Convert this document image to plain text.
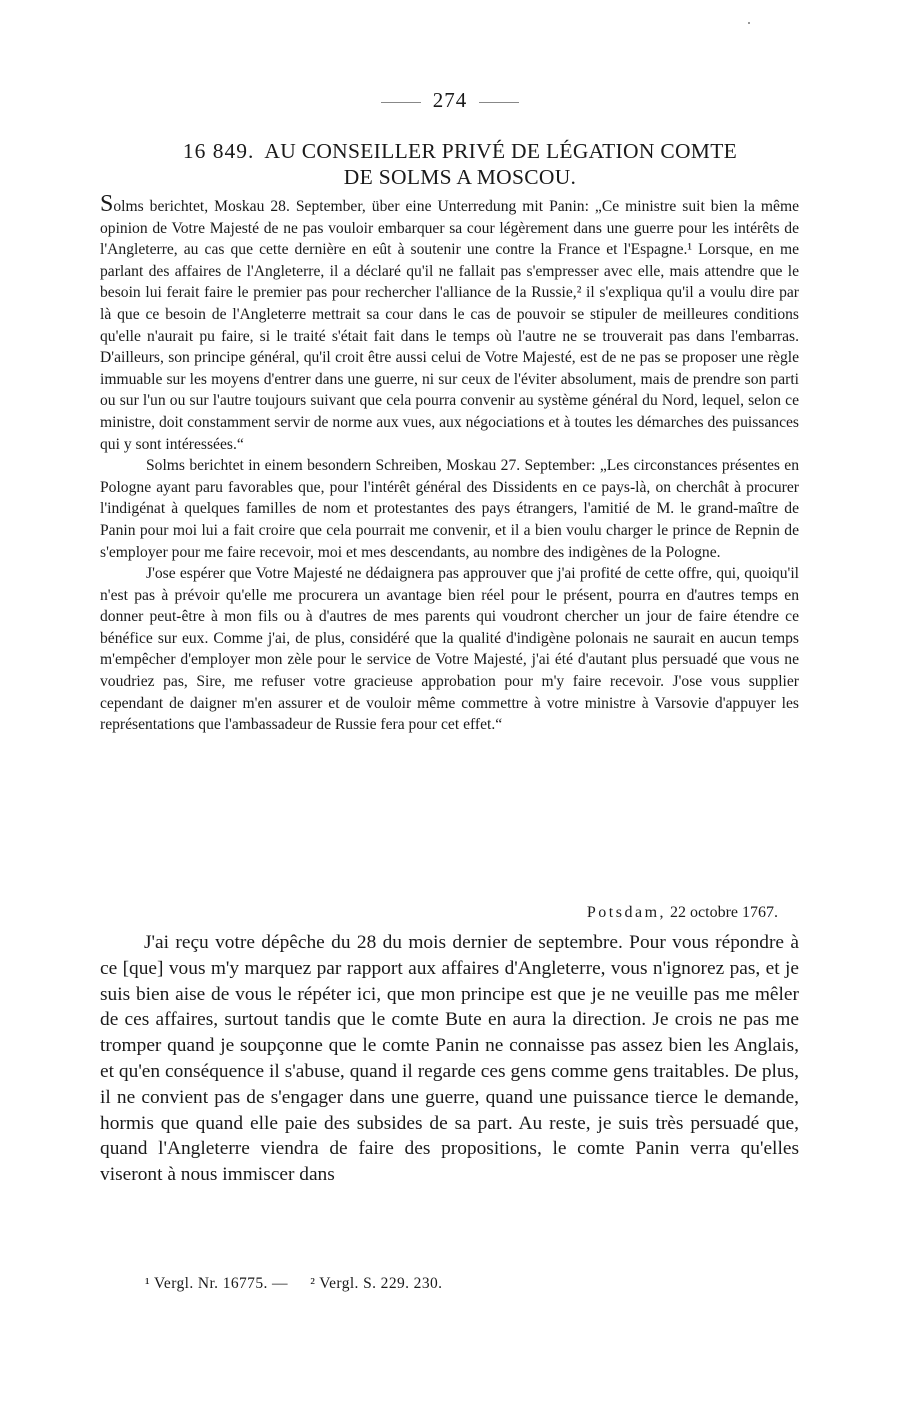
274
16 849. AU CONSEILLER PRIVÉ DE LÉGATION COMTE
DE SOLMS A MOSCOU.

Solms berichtet, Moskau 28. September, über eine Unterredung mit Panin: „Ce ministre suit bien la même opinion de Votre Majesté de ne pas vouloir embarquer sa cour légèrement dans une guerre pour les intérêts de l'Angleterre, au cas que cette dernière en eût à soutenir une contre la France et l'Espagne.¹ Lorsque, en me parlant des affaires de l'Angleterre, il a déclaré qu'il ne fallait pas s'empresser avec elle, mais attendre que le besoin lui ferait faire le premier pas pour rechercher l'alliance de la Russie,² il s'expliqua qu'il a voulu dire par là que ce besoin de l'Angleterre mettrait sa cour dans le cas de pouvoir se stipuler de meilleures conditions qu'elle n'aurait pu faire, si le traité s'était fait dans le temps où l'autre ne se trouverait pas dans l'embarras. D'ailleurs, son principe général, qu'il croit être aussi celui de Votre Majesté, est de ne pas se proposer une règle immuable sur les moyens d'entrer dans une guerre, ni sur ceux de l'éviter absolument, mais de prendre son parti ou sur l'un ou sur l'autre toujours suivant que cela pourra convenir au système général du Nord, lequel, selon ce ministre, doit constamment servir de norme aux vues, aux négociations et à toutes les démarches des puissances qui y sont intéressées.“

Solms berichtet in einem besondern Schreiben, Moskau 27. September: „Les circonstances présentes en Pologne ayant paru favorables que, pour l'intérêt général des Dissidents en ce pays-là, on cherchât à procurer l'indigénat à quelques familles de nom et protestantes des pays étrangers, l'amitié de M. le grand-maître de Panin pour moi lui a fait croire que cela pourrait me convenir, et il a bien voulu charger le prince de Repnin de s'employer pour me faire recevoir, moi et mes descendants, au nombre des indigènes de la Pologne.

J'ose espérer que Votre Majesté ne dédaignera pas approuver que j'ai profité de cette offre, qui, quoiqu'il n'est pas à prévoir qu'elle me procurera un avantage bien réel pour le présent, pourra en d'autres temps en donner peut-être à mon fils ou à d'autres de mes parents qui voudront chercher un jour de faire étendre ce bénéfice sur eux. Comme j'ai, de plus, considéré que la qualité d'indigène polonais ne saurait en aucun temps m'empêcher d'employer mon zèle pour le service de Votre Majesté, j'ai été d'autant plus persuadé que vous ne voudriez pas, Sire, me refuser votre gracieuse approbation pour m'y faire recevoir. J'ose vous supplier cependant de daigner m'en assurer et de vouloir même commettre à votre ministre à Varsovie d'appuyer les représentations que l'ambassadeur de Russie fera pour cet effet.“

Potsdam, 22 octobre 1767.

J'ai reçu votre dépêche du 28 du mois dernier de septembre. Pour vous répondre à ce [que] vous m'y marquez par rapport aux affaires d'Angleterre, vous n'ignorez pas, et je suis bien aise de vous le répéter ici, que mon principe est que je ne veuille pas me mêler de ces affaires, surtout tandis que le comte Bute en aura la direction. Je crois ne pas me tromper quand je soupçonne que le comte Panin ne connaisse pas assez bien les Anglais, et qu'en conséquence il s'abuse, quand il regarde ces gens comme gens traitables. De plus, il ne convient pas de s'engager dans une guerre, quand une puissance tierce le demande, hormis que quand elle paie des subsides de sa part. Au reste, je suis très persuadé que, quand l'Angleterre viendra de faire des propositions, le comte Panin verra qu'elles viseront à nous immiscer dans

¹ Vergl. Nr. 16775. — ² Vergl. S. 229. 230.
